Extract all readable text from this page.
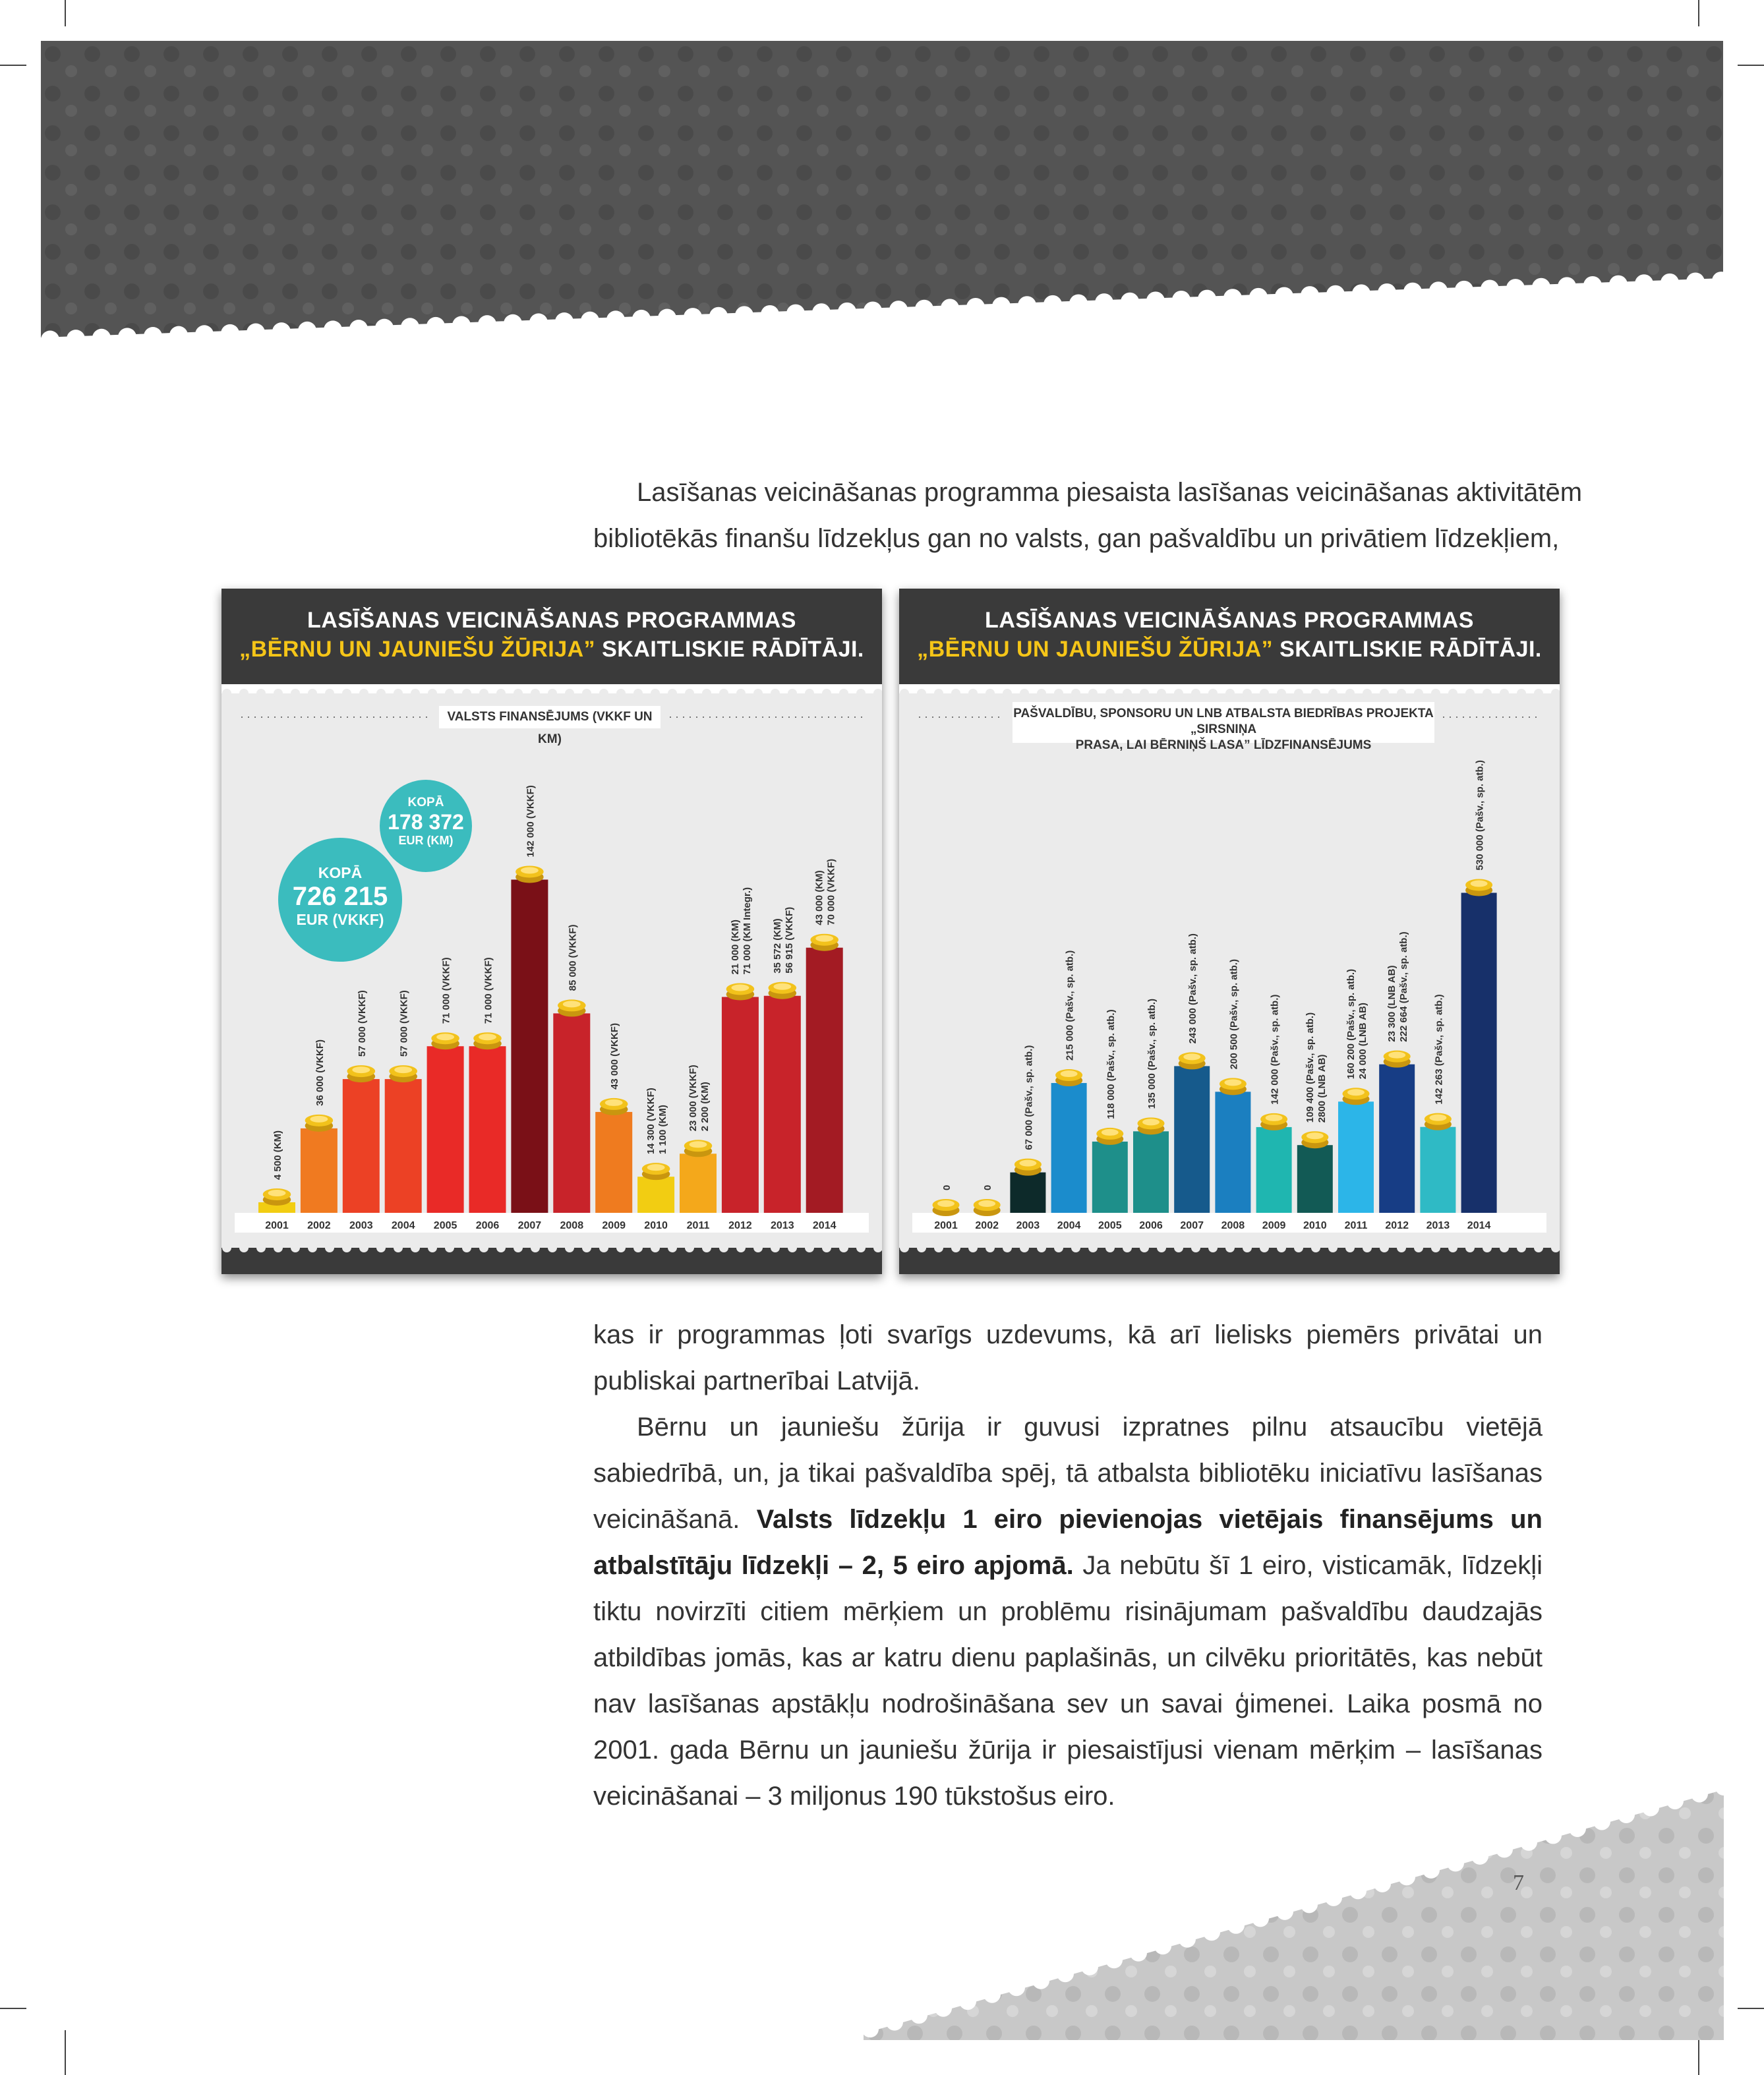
Lasīšanas veicināšanas programma piesaista lasīšanas veicināšanas aktivitātēm

bibliotēkās finanšu līdzekļus gan no valsts, gan pašvaldību un privātiem līdzekļiem,

LASĪŠANAS VEICINĀŠANAS PROGRAMMAS
„BĒRNU UN JAUNIEŠU ŽŪRIJA” SKAITLISKIE RĀDĪTĀJI.
VALSTS FINANSĒJUMS (VKKF UN KM)
4 500 (KM)
2001
36 000 (VKKF)
2002
57 000 (VKKF)
2003
57 000 (VKKF)
2004
71 000 (VKKF)
2005
71 000 (VKKF)
2006
142 000 (VKKF)
2007
85 000 (VKKF)
2008
43 000 (VKKF)
2009
14 300 (VKKF) 1 100 (KM)
2010
23 000 (VKKF) 2 200 (KM)
2011
21 000 (KM) 71 000 (KM Integr.)
2012
35 572 (KM) 56 915 (VKKF)
2013
43 000 (KM) 70 000 (VKKF)
2014
KOPĀ
178 372
EUR (KM)
KOPĀ
726 215
EUR (VKKF)
LASĪŠANAS VEICINĀŠANAS PROGRAMMAS
„BĒRNU UN JAUNIEŠU ŽŪRIJA” SKAITLISKIE RĀDĪTĀJI.
PAŠVALDĪBU, SPONSORU UN LNB ATBALSTA BIEDRĪBAS PROJEKTA „SIRSNIŅA
PRASA, LAI BĒRNIŅŠ LASA” LĪDZFINANSĒJUMS
0
2001
0
2002
67 000 (Pašv., sp. atb.)
2003
215 000 (Pašv., sp. atb.)
2004
118 000 (Pašv., sp. atb.)
2005
135 000 (Pašv., sp. atb.)
2006
243 000 (Pašv., sp. atb.)
2007
200 500 (Pašv., sp. atb.)
2008
142 000 (Pašv., sp. atb.)
2009
109 400 (Pašv., sp. atb.) 2800 (LNB AB)
2010
160 200 (Pašv., sp. atb.) 24 000 (LNB AB)
2011
23 300 (LNB AB) 222 664 (Pašv., sp. atb.)
2012
142 263 (Pašv., sp. atb.)
2013
530 000 (Pašv., sp. atb.)
2014

kas ir programmas ļoti svarīgs uzdevums, kā arī lielisks piemērs privātai un publiskai partnerībai Latvijā.

Bērnu un jauniešu žūrija ir guvusi izpratnes pilnu atsaucību vietējā sabiedrībā, un, ja tikai pašvaldība spēj, tā atbalsta bibliotēku iniciatīvu lasīšanas veicināšanā. Valsts līdzekļu 1 eiro pievienojas vietējais finansējums un atbalstītāju līdzekļi – 2, 5 eiro apjomā. Ja nebūtu šī 1 eiro, visticamāk, līdzekļi tiktu novirzīti citiem mērķiem un problēmu risinājumam pašvaldību daudzajās atbildības jomās, kas ar katru dienu paplašinās, un cilvēku prioritātēs, kas nebūt nav lasīšanas apstākļu nodrošināšana sev un savai ģimenei. Laika posmā no 2001. gada Bērnu un jauniešu žūrija ir piesaistījusi vienam mērķim – lasīšanas veicināšanai – 3 miljonus 190 tūkstošus eiro.

7
